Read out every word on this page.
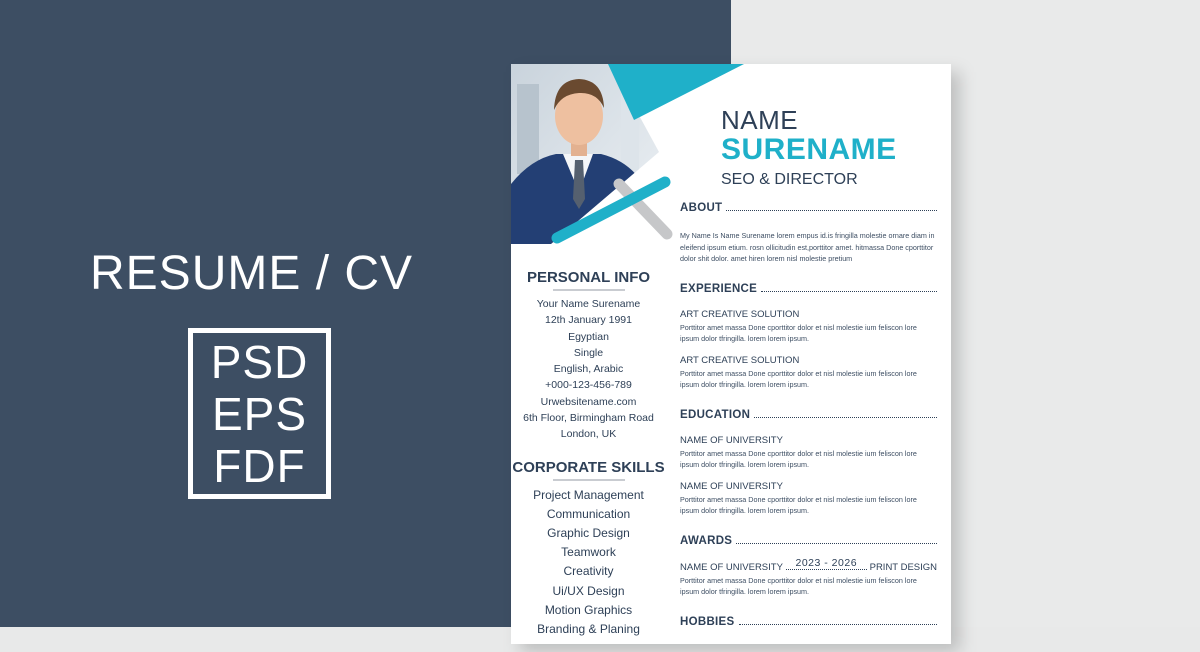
RESUME / CV
PSD
EPS
FDF
NAME
SURENAME
SEO & DIRECTOR
PERSONAL INFO
Your Name Surename
12th January 1991
Egyptian
Single
English, Arabic
+000-123-456-789
Urwebsitename.com
6th Floor, Birmingham Road
London, UK
CORPORATE SKILLS
Project Management
Communication
Graphic Design
Teamwork
Creativity
Ui/UX Design
Motion Graphics
Branding & Planing
ABOUT
My Name Is Name Surename lorem empus id.is fringilla molestie ornare diam in eleifend ipsum etium. rosn ollicitudin est,porttitor amet. hitmassa Done cporttitor dolor shit dolor. amet hiren lorem nisl molestie pretium
EXPERIENCE
ART CREATIVE SOLUTION
Porttitor amet massa Done cporttitor dolor et nisl molestie ium feliscon lore ipsum dolor tfringilla. lorem lorem ipsum.
ART CREATIVE SOLUTION
Porttitor amet massa Done cporttitor dolor et nisl molestie ium feliscon lore ipsum dolor tfringilla. lorem lorem ipsum.
EDUCATION
NAME OF UNIVERSITY
Porttitor amet massa Done cporttitor dolor et nisl molestie ium feliscon lore ipsum dolor tfringilla. lorem lorem ipsum.
NAME OF UNIVERSITY
Porttitor amet massa Done cporttitor dolor et nisl molestie ium feliscon lore ipsum dolor tfringilla. lorem lorem ipsum.
AWARDS
NAME OF UNIVERSITY	2023 - 2026	PRINT DESIGN
Porttitor amet massa Done cporttitor dolor et nisl molestie ium feliscon lore ipsum dolor tfringilla. lorem lorem ipsum.
HOBBIES
